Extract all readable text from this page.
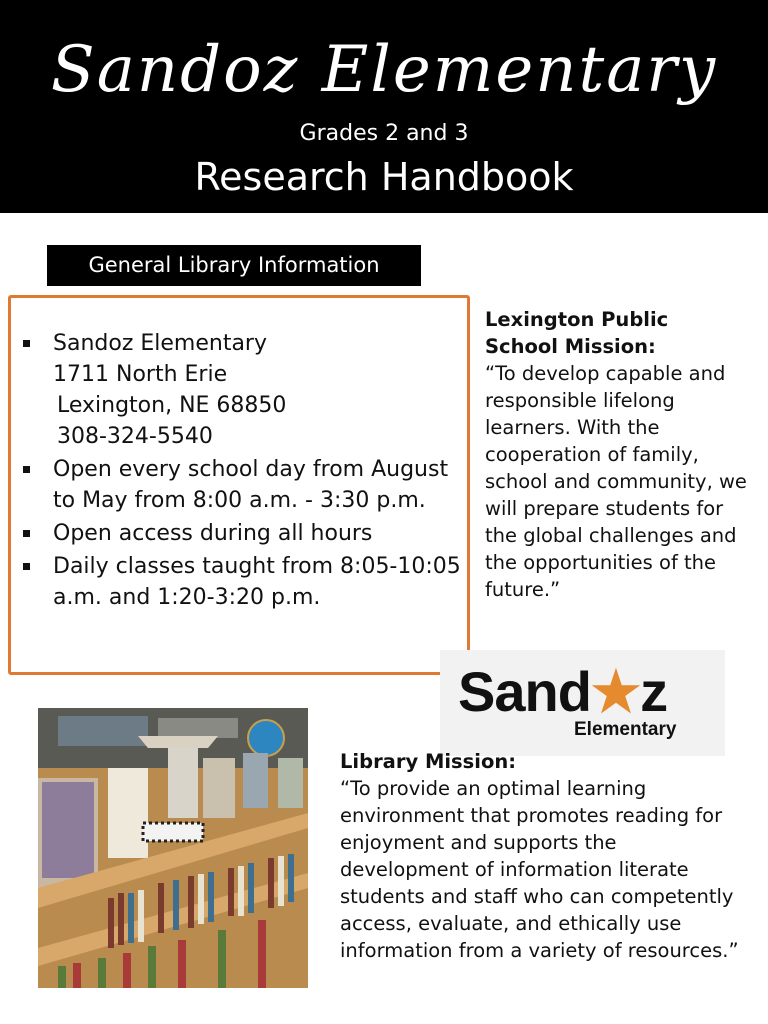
Sandoz Elementary
Grades 2 and 3
Research Handbook
General Library Information
Sandoz Elementary
1711 North Erie
Lexington, NE 68850
308-324-5540
Open every school day from August to May from 8:00 a.m. - 3:30 p.m.
Open access during all hours
Daily classes taught from 8:05-10:05 a.m. and 1:20-3:20 p.m.
Lexington Public School Mission:
“To develop capable and responsible lifelong learners. With the cooperation of family, school and community, we will prepare students for the global challenges and the opportunities of the future.”
Sand★z
Elementary
Library Mission:
“To provide an optimal learning environment that promotes reading for enjoyment and supports the development of information literate students and staff who can competently access, evaluate, and ethically use information from a variety of resources.”
